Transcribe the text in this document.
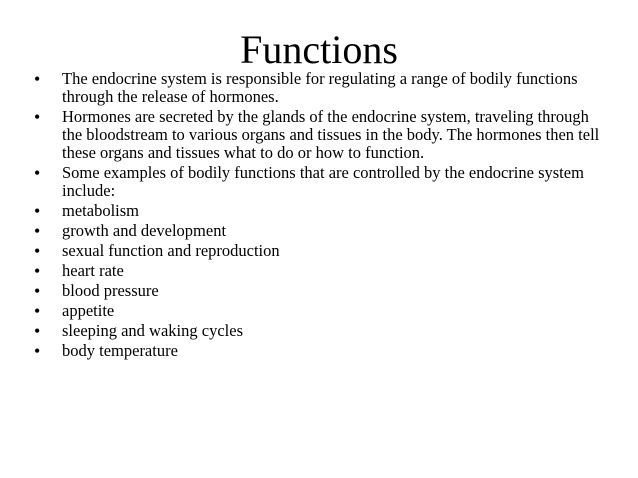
Functions
• The endocrine system is responsible for regulating a range of bodily functions through the release of hormones.
• Hormones are secreted by the glands of the endocrine system, traveling through the bloodstream to various organs and tissues in the body. The hormones then tell these organs and tissues what to do or how to function.
• Some examples of bodily functions that are controlled by the endocrine system include:
• metabolism
• growth and development
• sexual function and reproduction
• heart rate
• blood pressure
• appetite
• sleeping and waking cycles
• body temperature
